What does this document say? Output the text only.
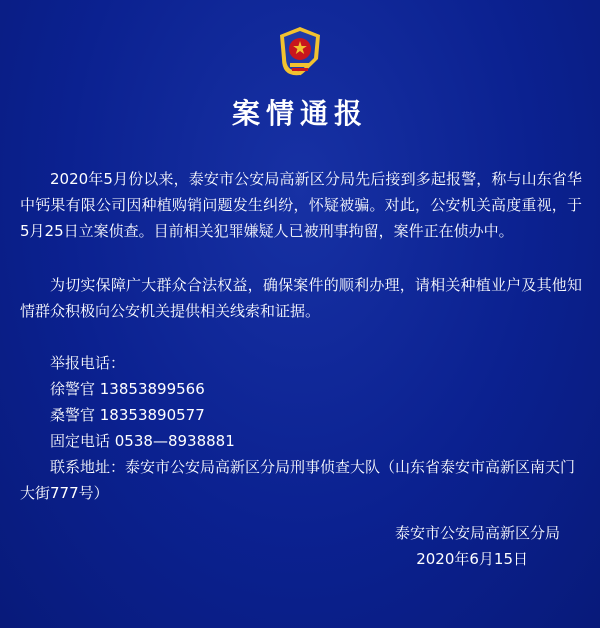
案情通报

2020年5月份以来，泰安市公安局高新区分局先后接到多起报警，称与山东省华中钙果有限公司因种植购销问题发生纠纷，怀疑被骗。对此，公安机关高度重视，于5月25日立案侦查。目前相关犯罪嫌疑人已被刑事拘留，案件正在侦办中。

为切实保障广大群众合法权益，确保案件的顺利办理，请相关种植业户及其他知情群众积极向公安机关提供相关线索和证据。

举报电话：

徐警官 13853899566

桑警官 18353890577

固定电话 0538—8938881

联系地址：泰安市公安局高新区分局刑事侦查大队（山东省泰安市高新区南天门大街777号）

泰安市公安局高新区分局
2020年6月15日
